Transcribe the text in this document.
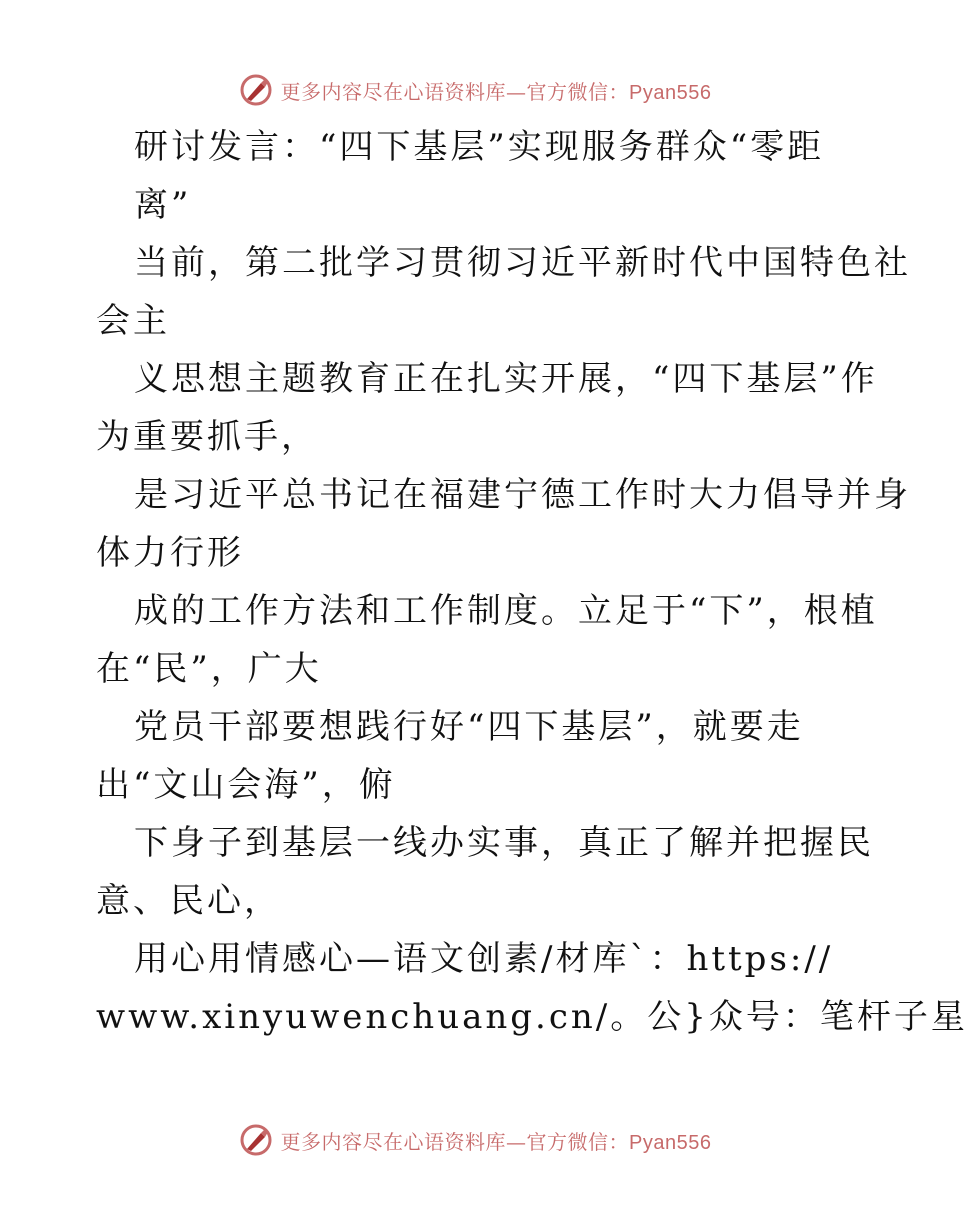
更多内容尽在心语资料库—官方微信：Pyan556
研讨发言：“四下基层”实现服务群众“零距
离”
当前，第二批学习贯彻习近平新时代中国特色社
会主
义思想主题教育正在扎实开展，“四下基层”作
为重要抓手，
是习近平总书记在福建宁德工作时大力倡导并身
体力行形
成的工作方法和工作制度。立足于“下”，根植
在“民”，广大
党员干部要想践行好“四下基层”，就要走
出“文山会海”，俯
下身子到基层一线办实事，真正了解并把握民
意、民心，
用心用情感心—语文创素/材库`：https://
www.xinyuwenchuang.cn/。公}众号：笔杆子星
更多内容尽在心语资料库—官方微信：Pyan556
